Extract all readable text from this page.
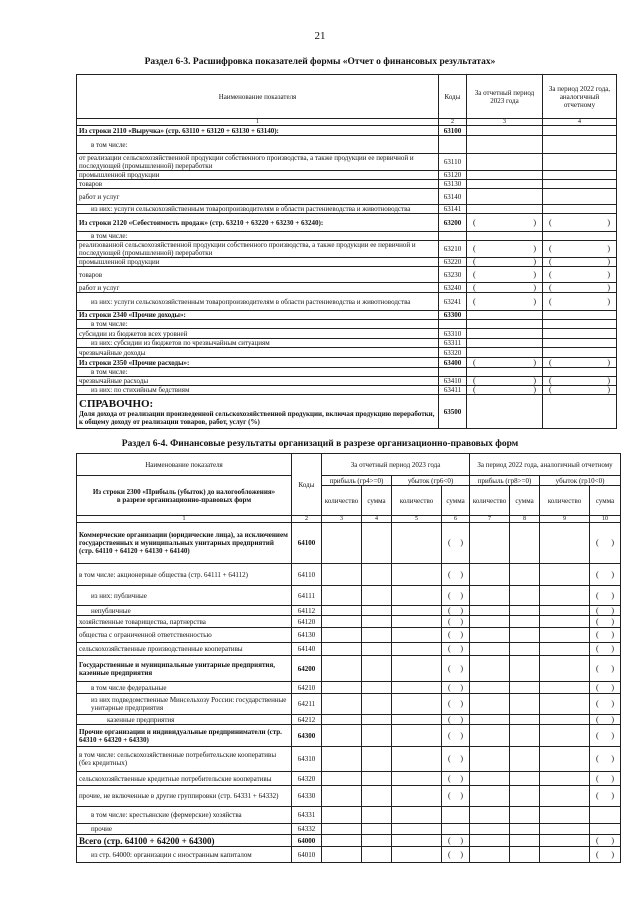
21
Раздел 6-3. Расшифровка показателей формы «Отчет о финансовых результатах»
Наименование показателя	Коды	За отчетный период 2023 года	За период 2022 года, аналогичный отчетному
1	2	3	4
Из строки 2110 «Выручка» (стр. 63110 + 63120 + 63130 + 63140):	63100		
в том числе:			
от реализации сельскохозяйственной продукции собственного производства, а также продукции ее первичной и последующей (промышленной) переработки	63110		
промышленной продукции	63120		
товаров	63130		
работ и услуг	63140		
из них: услуги сельскохозяйственным товаропроизводителям в области растениеводства и животноводства	63141		
Из строки 2120 «Себестоимость продаж» (стр. 63210 + 63220 + 63230 + 63240):	63200	( )	( )

в том числе:			
реализованной сельскохозяйственной продукции собственного производства, а также продукции ее первичной и последующей (промышленной) переработки	63210	( )	( )

промышленной продукции	63220	( )	( )

товаров	63230	( )	( )

работ и услуг	63240	( )	( )

из них: услуги сельскохозяйственным товаропроизводителям в области растениеводства и животноводства	63241	( )	( )

Из строки 2340 «Прочие доходы»:	63300		
в том числе:			
субсидии из бюджетов всех уровней	63310		
из них: субсидии из бюджетов по чрезвычайным ситуациям	63311		
чрезвычайные доходы	63320		
Из строки 2350 «Прочие расходы»:	63400	( )	( )

в том числе:			
чрезвычайные расходы	63410	( )	( )

из них: по стихийным бедствиям	63411	( )	( )

СПРАВОЧНО:
Доля дохода от реализации произведенной сельскохозяйственной продукции, включая продукцию переработки, к общему доходу от реализации товаров, работ, услуг (%)	63500		
Раздел 6-4. Финансовые результаты организаций в разрезе организационно-правовых форм
Наименование показателя	Коды	За отчетный период 2023 года				За период 2022 года, аналогичный отчетному			
Из строки 2300 «Прибыль (убыток) до налогообложения»
в разрезе организационно-правовых форм		прибыль (гр4>=0)		убыток (гр6<0)		прибыль (гр8>=0)		убыток (гр10<0)	
		количество	сумма	количество	сумма	количество	сумма	количество	сумма
1	2	3	4	5	6	7	8	9	10
Коммерческие организации (юридические лица), за исключением государственных и муниципальных унитарных предприятий (стр. 64110 + 64120 + 64130 + 64140)	64100				( )				( )

в том числе: акционерные общества (стр. 64111 + 64112)	64110				( )				( )

из них: публичные	64111				( )				( )

непубличные	64112				( )				( )

хозяйственные товарищества, партнерства	64120				( )				( )

общества с ограниченной ответственностью	64130				( )				( )

сельскохозяйственные производственные кооперативы	64140				( )				( )

Государственные и муниципальные унитарные предприятия, казенные предприятия	64200				( )				( )

в том числе федеральные	64210				( )				( )

из них подведомственные Минсельхозу России: государственные унитарные предприятия	64211				( )				( )

казенные предприятия	64212				( )				( )

Прочие организации и индивидуальные предприниматели (стр. 64310 + 64320 + 64330)	64300				( )				( )

в том числе: сельскохозяйственные потребительские кооперативы (без кредитных)	64310				( )				( )

сельскохозяйственные кредитные потребительские кооперативы	64320				( )				( )

прочие, не включенные в другие группировки (стр. 64331 + 64332)	64330				( )				( )

в том числе: крестьянские (фермерские) хозяйства	64331								
прочие	64332								
Всего (стр. 64100 + 64200 + 64300)	64000				( )				( )

из стр. 64000: организации с иностранным капиталом	64010				( )				( )
